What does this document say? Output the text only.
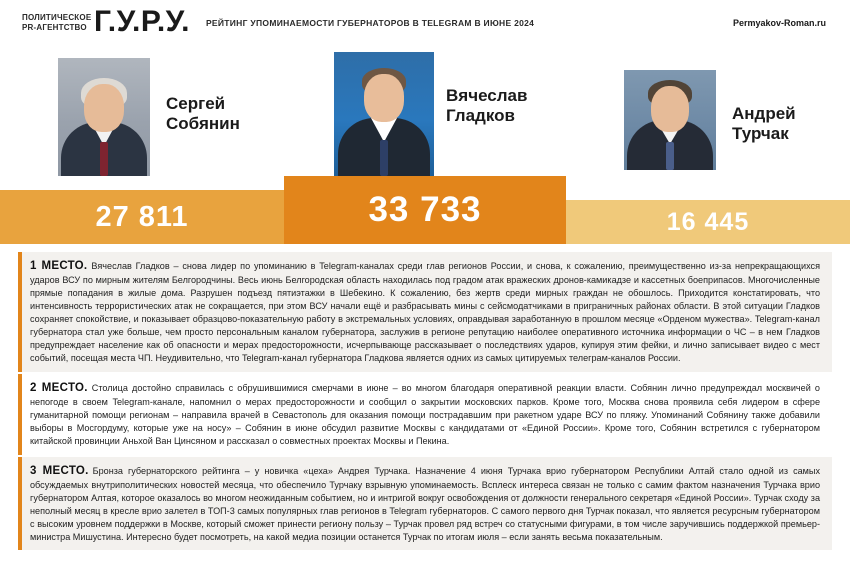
ПОЛИТИЧЕСКОЕ
PR-АГЕНТСТВО Г.У.Р.У.	РЕЙТИНГ УПОМИНАЕМОСТИ ГУБЕРНАТОРОВ В TELEGRAM В ИЮНЕ 2024	Permyakov-Roman.ru
Сергей
Собянин
27 811
Вячеслав
Гладков
33 733
Андрей
Турчак
16 445

1 МЕСТО. Вячеслав Гладков – снова лидер по упоминанию в Telegram-каналах среди глав регионов России, и снова, к сожалению, преимущественно из-за непрекращающихся ударов ВСУ по мирным жителям Белгородчины. Весь июнь Белгородская область находилась под градом атак вражеских дронов-камикадзе и кассетных боеприпасов. Многочисленные прямые попадания в жилые дома. Разрушен подъезд пятиэтажки в Шебекино. К сожалению, без жертв среди мирных граждан не обошлось. Приходится констатировать, что интенсивность террористических атак не сокращается, при этом ВСУ начали ещё и разбрасывать мины с сейсмодатчиками в приграничных районах области. В этой ситуации Гладков сохраняет спокойствие, и показывает образцово-показательную работу в экстремальных условиях, оправдывая заработанную в прошлом месяце «Орденом мужества». Telegram-канал губернатора стал уже больше, чем просто персональным каналом губернатора, заслужив в регионе репутацию наиболее оперативного источника информации о ЧС – в нем Гладков предупреждает население как об опасности и мерах предосторожности, исчерпывающе рассказывает о последствиях ударов, купируя этим фейки, и лично записывает видео с мест событий, посещая места ЧП. Неудивительно, что Telegram-канал губернатора Гладкова является одних из самых цитируемых телеграм-каналов России.

2 МЕСТО. Столица достойно справилась с обрушившимися смерчами в июне – во многом благодаря оперативной реакции власти. Собянин лично предупреждал москвичей о непогоде в своем Telegram-канале, напомнил о мерах предосторожности и сообщил о закрытии московских парков. Кроме того, Москва снова проявила себя лидером в сфере гуманитарной помощи регионам – направила врачей в Севастополь для оказания помощи пострадавшим при ракетном ударе ВСУ по пляжу. Упоминаний Собянину также добавили выборы в Мосгордуму, которые уже на носу» – Собянин в июне обсудил развитие Москвы с кандидатами от «Единой России». Кроме того, Собянин встретился с губернатором китайской провинции Аньхой Ван Цинсяном и рассказал о совместных проектах Москвы и Пекина.

3 МЕСТО. Бронза губернаторского рейтинга – у новичка «цеха» Андрея Турчака. Назначение 4 июня Турчака врио губернатором Республики Алтай стало одной из самых обсуждаемых внутриполитических новостей месяца, что обеспечило Турчаку взрывную упоминаемость. Всплеск интереса связан не только с самим фактом назначения Турчака врио губернатором Алтая, которое оказалось во многом неожиданным событием, но и интригой вокруг освобождения от должности генерального секретаря «Единой России». Турчак сходу за неполный месяц в кресле врио залетел в ТОП-3 самых популярных глав регионов в Telegram губернаторов. С самого первого дня Турчак показал, что является ресурсным губернатором с высоким уровнем поддержки в Москве, который сможет принести региону пользу – Турчак провел ряд встреч со статусными фигурами, в том числе заручившись поддержкой премьер-министра Мишустина. Интересно будет посмотреть, на какой медиа позиции останется Турчак по итогам июля – если занять весьма показательным.
